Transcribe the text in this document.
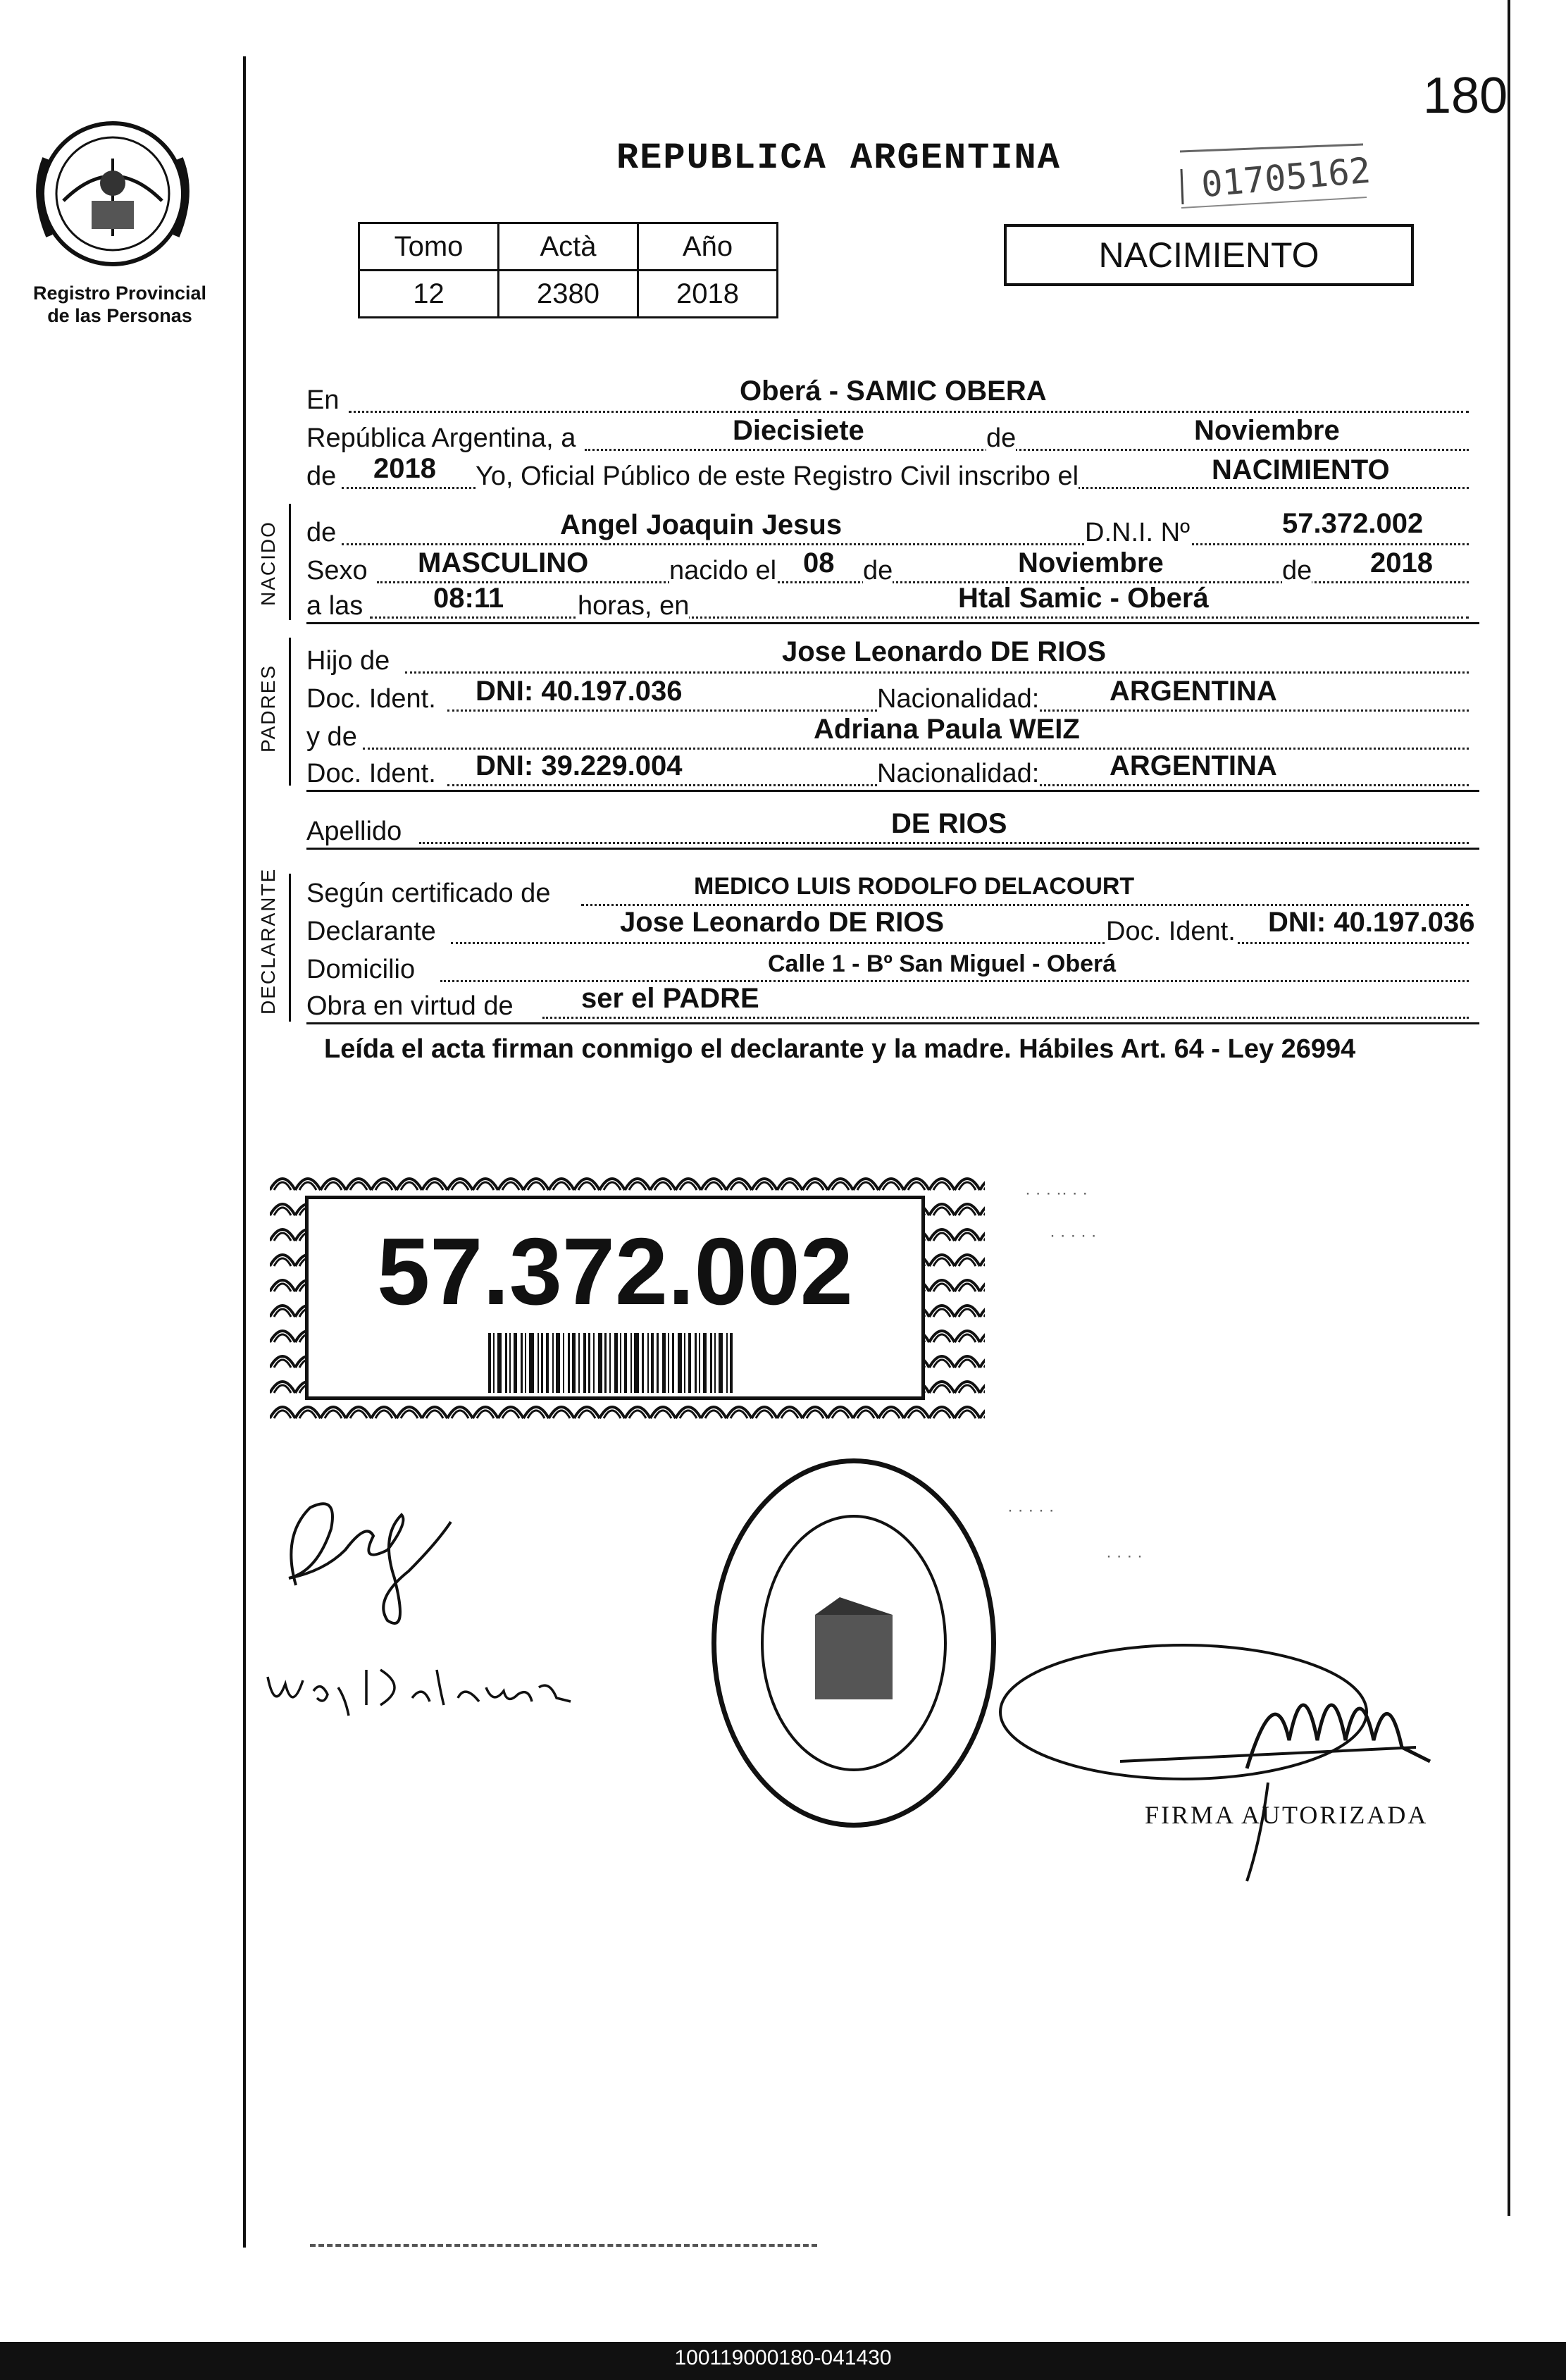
180
Registro Provincial
de las Personas
REPUBLICA ARGENTINA	01705162
Tomo	Actà	Año
12	2380	2018
NACIMIENTO
En	Oberá - SAMIC OBERA
República Argentina, a	Diecisiete	de	Noviembre
de 2018 Yo, Oficial Público de este Registro Civil inscribo el	NACIMIENTO
NACIDO de	Angel Joaquin Jesus	D.N.I. Nº	57.372.002
Sexo MASCULINO	nacido el 08 de	Noviembre	de 2018
a las 08:11	horas, en	Htal Samic - Oberá
PADRES
Hijo de	Jose Leonardo DE RIOS
Doc. Ident. DNI: 40.197.036	Nacionalidad: ARGENTINA
y de	Adriana Paula WEIZ
Doc. Ident. DNI: 39.229.004	Nacionalidad: ARGENTINA
Apellido	DE RIOS
DECLARANTE Según certificado de	MEDICO LUIS RODOLFO DELACOURT
Declarante	Jose Leonardo DE RIOS	Doc. Ident. DNI: 40.197.036
Domicilio	Calle 1 - Bº San Miguel - Oberá
Obra en virtud de ser el PADRE
Leída el acta firman conmigo el declarante y la madre. Hábiles Art. 64 - Ley 26994
57.372.002
· · · ·· · ·
· · · · ·
· · · · ·
· · · ·
FIRMA AUTORIZADA
100119000180-041430
